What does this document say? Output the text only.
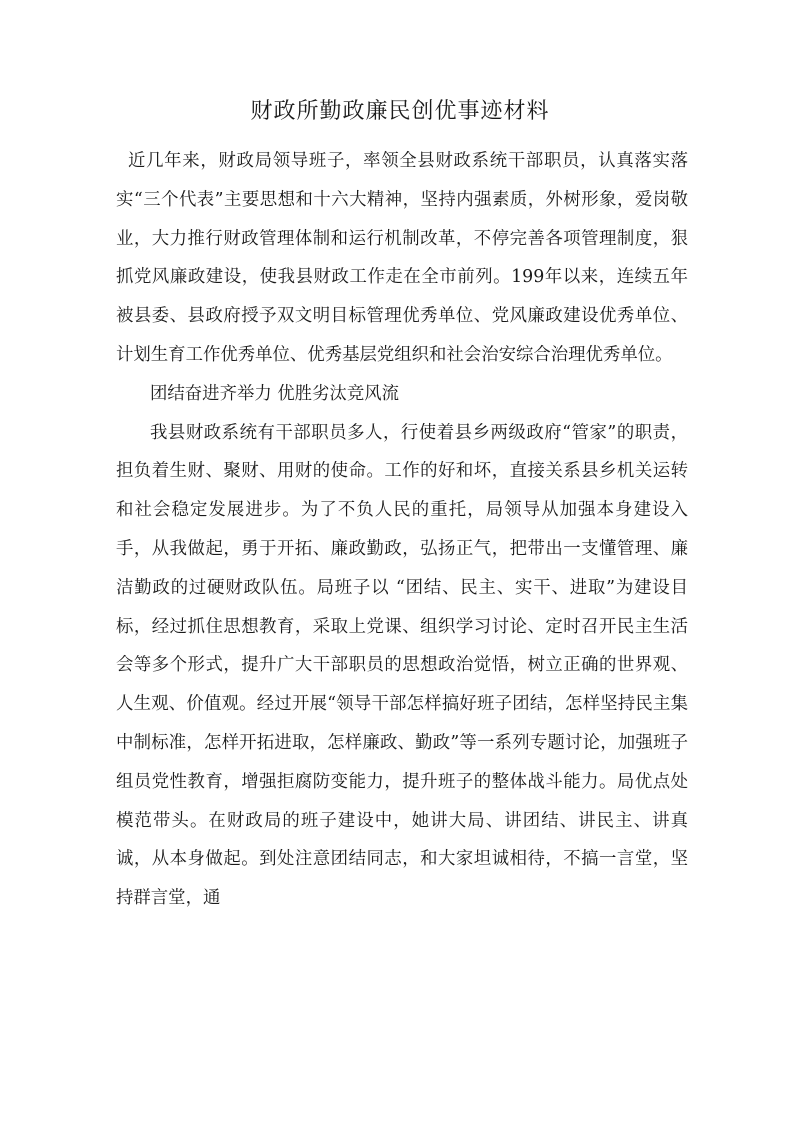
财政所勤政廉民创优事迹材料

近几年来，财政局领导班子，率领全县财政系统干部职员，认真落实落实“三个代表”主要思想和十六大精神，坚持内强素质，外树形象，爱岗敬业，大力推行财政管理体制和运行机制改革，不停完善各项管理制度，狠抓党风廉政建设，使我县财政工作走在全市前列。199年以来，连续五年被县委、县政府授予双文明目标管理优秀单位、党风廉政建设优秀单位、计划生育工作优秀单位、优秀基层党组织和社会治安综合治理优秀单位。

团结奋进齐举力 优胜劣汰竞风流

我县财政系统有干部职员多人，行使着县乡两级政府“管家”的职责，担负着生财、聚财、用财的使命。工作的好和坏，直接关系县乡机关运转和社会稳定发展进步。为了不负人民的重托，局领导从加强本身建设入手，从我做起，勇于开拓、廉政勤政，弘扬正气，把带出一支懂管理、廉洁勤政的过硬财政队伍。局班子以 “团结、民主、实干、进取”为建设目标，经过抓住思想教育，采取上党课、组织学习讨论、定时召开民主生活会等多个形式，提升广大干部职员的思想政治觉悟，树立正确的世界观、人生观、价值观。经过开展“领导干部怎样搞好班子团结，怎样坚持民主集中制标准，怎样开拓进取，怎样廉政、勤政”等一系列专题讨论，加强班子组员党性教育，增强拒腐防变能力，提升班子的整体战斗能力。局优点处模范带头。在财政局的班子建设中，她讲大局、讲团结、讲民主、讲真诚，从本身做起。到处注意团结同志，和大家坦诚相待，不搞一言堂，坚持群言堂，通
